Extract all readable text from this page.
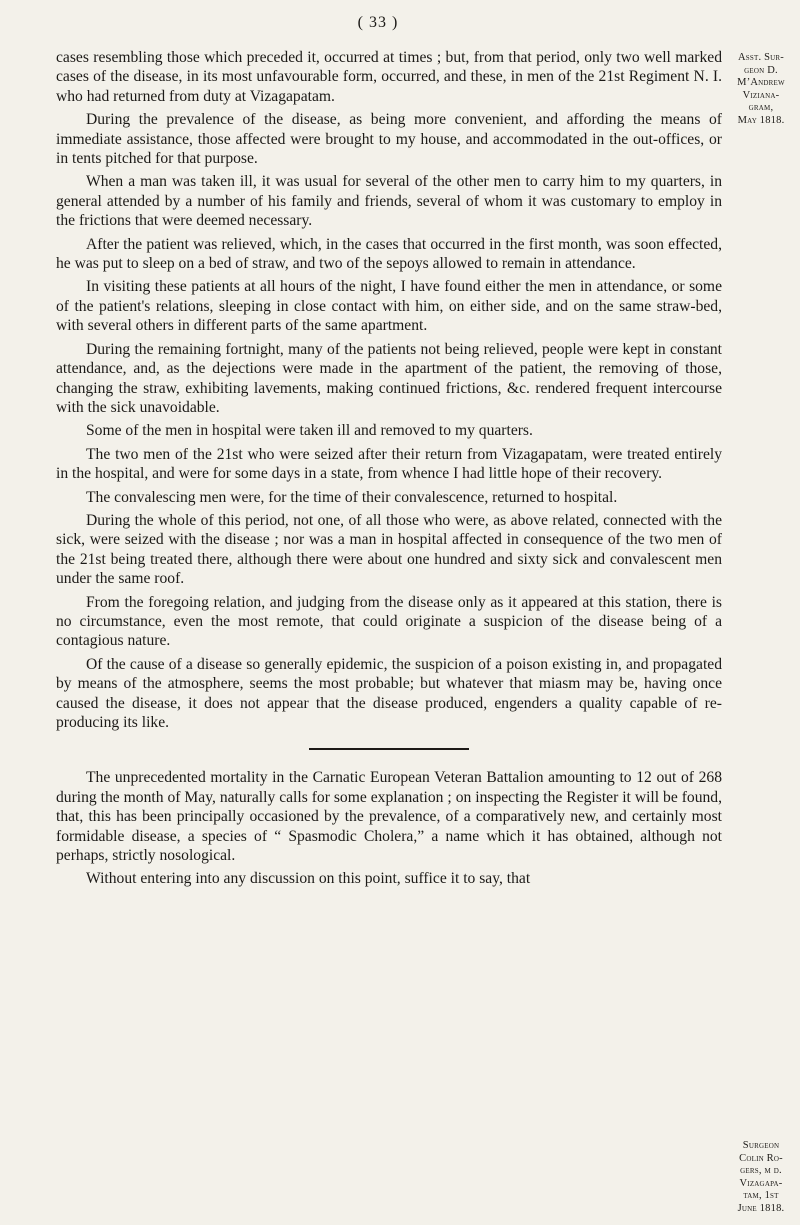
( 33 )

cases resembling those which preceded it, occurred at times ; but, from that period, only two well marked cases of the disease, in its most unfavourable form, occurred, and these, in men of the 21st Regiment N. I. who had returned from duty at Vizagapatam.

During the prevalence of the disease, as being more convenient, and affording the means of immediate assistance, those affected were brought to my house, and accommodated in the out-offices, or in tents pitched for that purpose.

When a man was taken ill, it was usual for several of the other men to carry him to my quarters, in general attended by a number of his family and friends, several of whom it was customary to employ in the frictions that were deemed necessary.

After the patient was relieved, which, in the cases that occurred in the first month, was soon effected, he was put to sleep on a bed of straw, and two of the sepoys allowed to remain in attendance.

In visiting these patients at all hours of the night, I have found either the men in attendance, or some of the patient's relations, sleeping in close contact with him, on either side, and on the same straw-bed, with several others in different parts of the same apartment.

During the remaining fortnight, many of the patients not being relieved, people were kept in constant attendance, and, as the dejections were made in the apartment of the patient, the removing of those, changing the straw, exhibiting lavements, making continued frictions, &c. rendered frequent intercourse with the sick unavoidable.

Some of the men in hospital were taken ill and removed to my quarters.

The two men of the 21st who were seized after their return from Vizagapatam, were treated entirely in the hospital, and were for some days in a state, from whence I had little hope of their recovery.

The convalescing men were, for the time of their convalescence, returned to hospital.

During the whole of this period, not one, of all those who were, as above related, connected with the sick, were seized with the disease ; nor was a man in hospital affected in consequence of the two men of the 21st being treated there, although there were about one hundred and sixty sick and convalescent men under the same roof.

From the foregoing relation, and judging from the disease only as it appeared at this station, there is no circumstance, even the most remote, that could originate a suspicion of the disease being of a contagious nature.

Of the cause of a disease so generally epidemic, the suspicion of a poison existing in, and propagated by means of the atmosphere, seems the most probable; but whatever that miasm may be, having once caused the disease, it does not appear that the disease produced, engenders a quality capable of re-producing its like.

The unprecedented mortality in the Carnatic European Veteran Battalion amounting to 12 out of 268 during the month of May, naturally calls for some explanation ; on inspecting the Register it will be found, that, this has been principally occasioned by the prevalence, of a comparatively new, and certainly most formidable disease, a species of “ Spasmodic Cholera,” a name which it has obtained, although not perhaps, strictly nosological.

Without entering into any discussion on this point, suffice it to say, that

Asst. Sur-
geon D.
M’Andrew
Viziana-
gram,
May 1818.
Surgeon
Colin Ro-
gers, m d.
Vizagapa-
tam, 1st
June 1818.
